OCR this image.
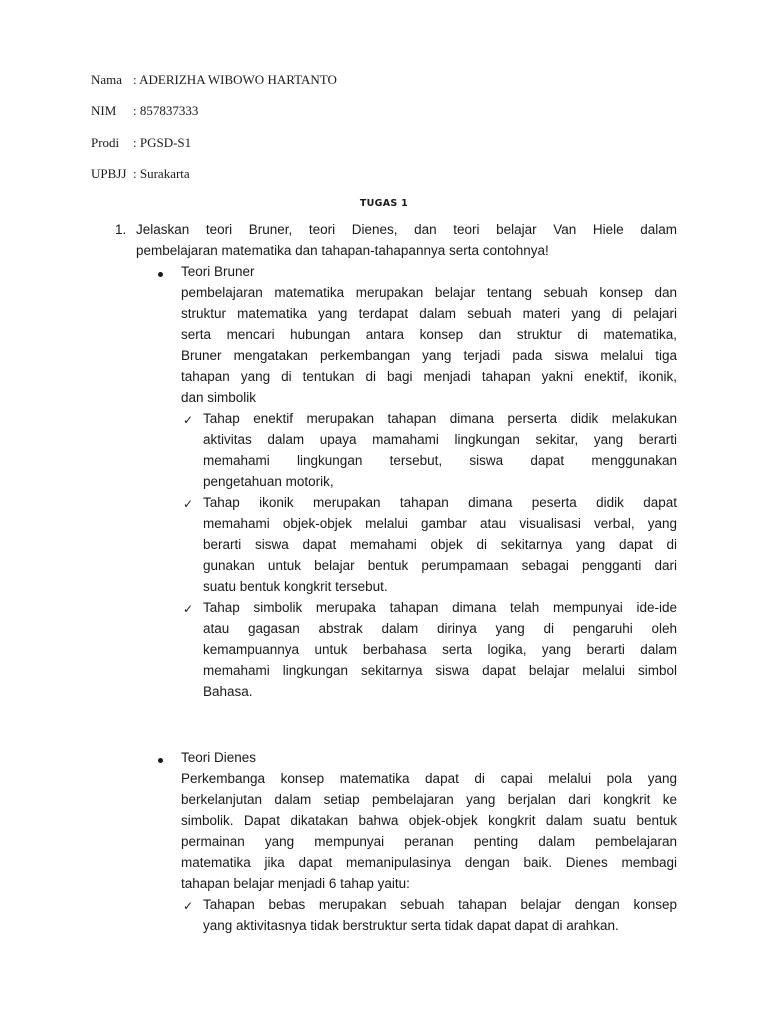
Nama : ADERIZHA WIBOWO HARTANTO
NIM : 857837333
Prodi : PGSD-S1
UPBJJ : Surakarta
TUGAS 1
1. Jelaskan teori Bruner, teori Dienes, dan teori belajar Van Hiele dalam
pembelajaran matematika dan tahapan-tahapannya serta contohnya!
Teori Bruner
pembelajaran matematika merupakan belajar tentang sebuah konsep dan
struktur matematika yang terdapat dalam sebuah materi yang di pelajari
serta mencari hubungan antara konsep dan struktur di matematika,
Bruner mengatakan perkembangan yang terjadi pada siswa melalui tiga
tahapan yang di tentukan di bagi menjadi tahapan yakni enektif, ikonik,
dan simbolik
✓ Tahap enektif merupakan tahapan dimana perserta didik melakukan
aktivitas dalam upaya mamahami lingkungan sekitar, yang berarti
memahami lingkungan tersebut, siswa dapat menggunakan
pengetahuan motorik,
✓ Tahap ikonik merupakan tahapan dimana peserta didik dapat
memahami objek-objek melalui gambar atau visualisasi verbal, yang
berarti siswa dapat memahami objek di sekitarnya yang dapat di
gunakan untuk belajar bentuk perumpamaan sebagai pengganti dari
suatu bentuk kongkrit tersebut.
✓ Tahap simbolik merupaka tahapan dimana telah mempunyai ide-ide
atau gagasan abstrak dalam dirinya yang di pengaruhi oleh
kemampuannya untuk berbahasa serta logika, yang berarti dalam
memahami lingkungan sekitarnya siswa dapat belajar melalui simbol
Bahasa.
Teori Dienes
Perkembanga konsep matematika dapat di capai melalui pola yang
berkelanjutan dalam setiap pembelajaran yang berjalan dari kongkrit ke
simbolik. Dapat dikatakan bahwa objek-objek kongkrit dalam suatu bentuk
permainan yang mempunyai peranan penting dalam pembelajaran
matematika jika dapat memanipulasinya dengan baik. Dienes membagi
tahapan belajar menjadi 6 tahap yaitu:
✓ Tahapan bebas merupakan sebuah tahapan belajar dengan konsep
yang aktivitasnya tidak berstruktur serta tidak dapat dapat di arahkan.
